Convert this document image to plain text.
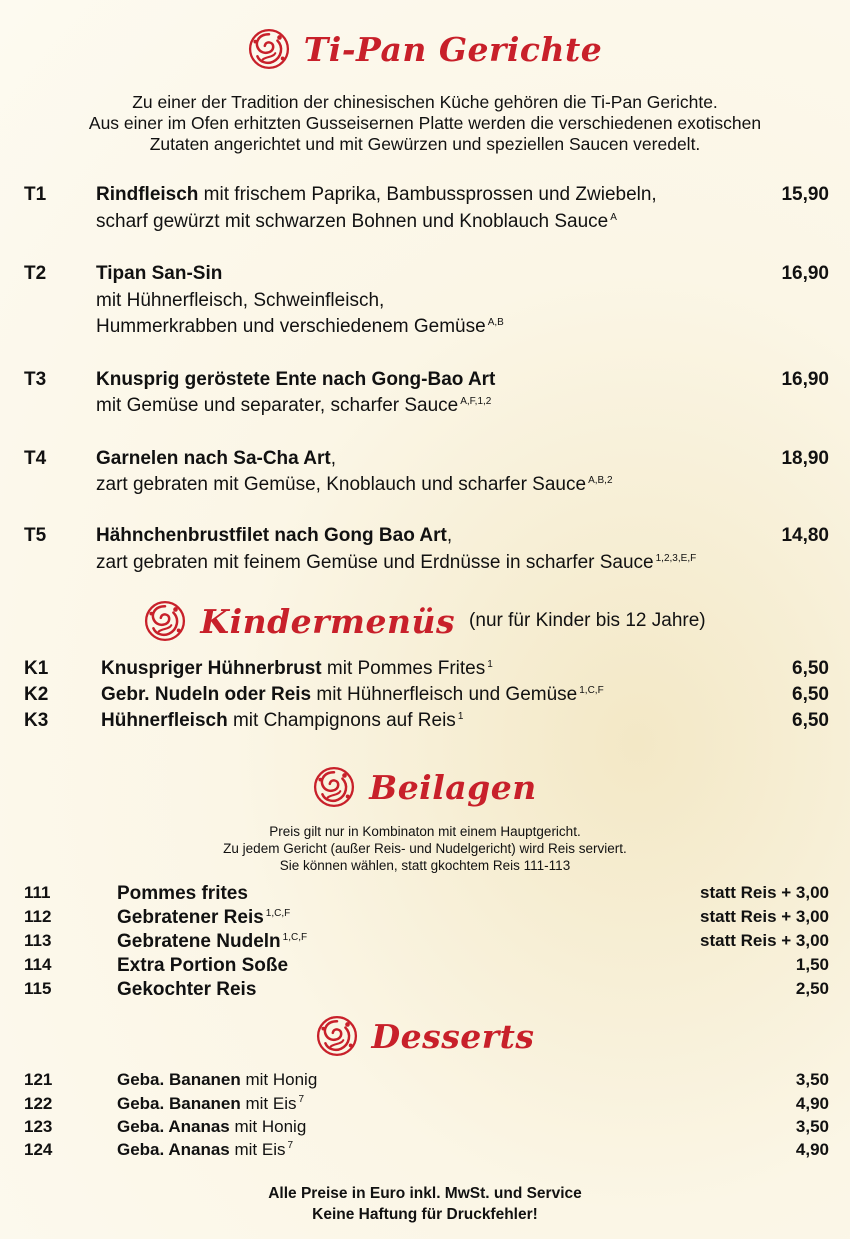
Ti-Pan Gerichte
Zu einer der Tradition der chinesischen Küche gehören die Ti-Pan Gerichte.
Aus einer im Ofen erhitzten Gusseisernen Platte werden die verschiedenen exotischen
Zutaten angerichtet und mit Gewürzen und speziellen Saucen veredelt.
T1	Rindfleisch mit frischem Paprika, Bambussprossen und Zwiebeln,
scharf gewürzt mit schwarzen Bohnen und Knoblauch Sauce $^A$
15,90
T2	Tipan San-Sin
mit Hühnerfleisch, Schweinfleisch,
Hummerkrabben und verschiedenem Gemüse $^{A,B}$
16,90
T3	Knusprig geröstete Ente nach Gong-Bao Art
mit Gemüse und separater, scharfer Sauce $^{A,F,1,2}$
16,90
T4	Garnelen nach Sa-Cha Art,
zart gebraten mit Gemüse, Knoblauch und scharfer Sauce $^{A,B,2}$
18,90
T5	Hähnchenbrustfilet nach Gong Bao Art,
zart gebraten mit feinem Gemüse und Erdnüsse in scharfer Sauce $^{1,2,3,E,F}$
14,80
Kindermenüs (nur für Kinder bis 12 Jahre)
K1	Knuspriger Hühnerbrust mit Pommes Frites $^1$	6,50
K2	Gebr. Nudeln oder Reis mit Hühnerfleisch und Gemüse $^{1,C,F}$	6,50
K3	Hühnerfleisch mit Champignons auf Reis $^1$	6,50
Beilagen
Preis gilt nur in Kombinaton mit einem Hauptgericht.
Zu jedem Gericht (außer Reis- und Nudelgericht) wird Reis serviert.
Sie können wählen, statt gkochtem Reis 111-113
111	Pommes frites	statt Reis + 3,00
112	Gebratener Reis $^{1,C,F}$	statt Reis + 3,00
113	Gebratene Nudeln $^{1,C,F}$	statt Reis + 3,00
114	Extra Portion Soße	1,50
115	Gekochter Reis	2,50
Desserts
121	Geba. Bananen mit Honig	3,50
122	Geba. Bananen mit Eis $^7$	4,90
123	Geba. Ananas mit Honig	3,50
124	Geba. Ananas mit Eis $^7$	4,90
Alle Preise in Euro inkl. MwSt. und Service
Keine Haftung für Druckfehler!
